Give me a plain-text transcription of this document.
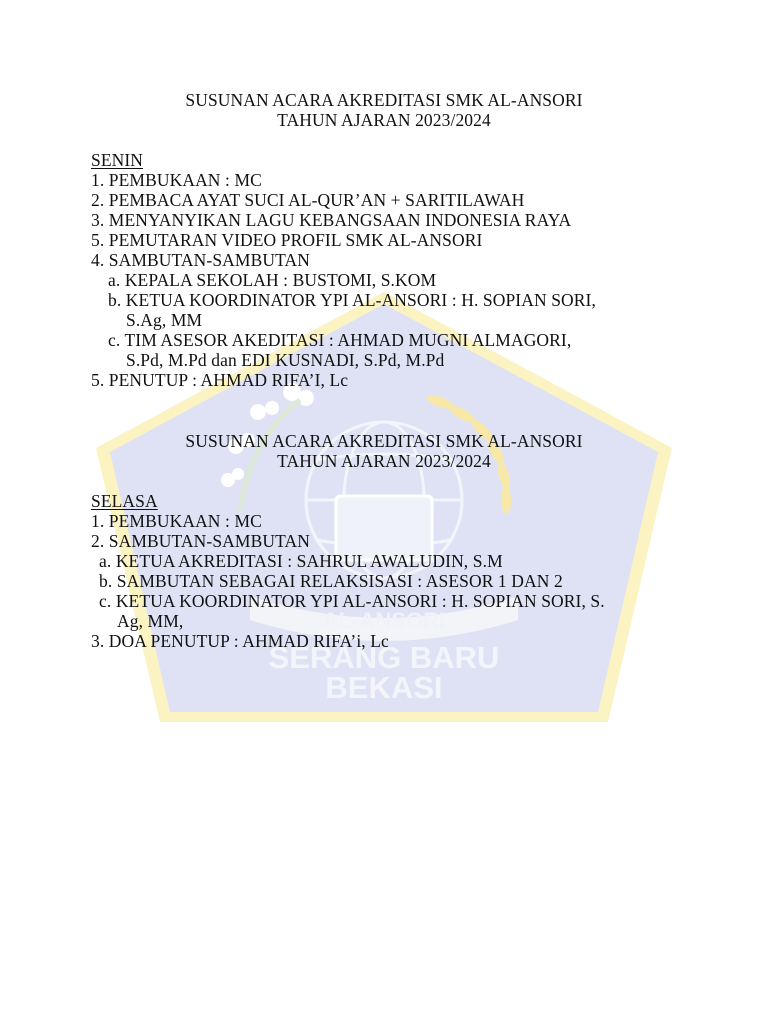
AL-ANSORI
SERANG BARU
BEKASI
SUSUNAN ACARA AKREDITASI SMK AL-ANSORI
TAHUN AJARAN 2023/2024
SENIN
1. PEMBUKAAN : MC
2. PEMBACA AYAT SUCI AL-QUR’AN + SARITILAWAH
3. MENYANYIKAN LAGU KEBANGSAAN INDONESIA RAYA
5. PEMUTARAN VIDEO PROFIL SMK AL-ANSORI
4. SAMBUTAN-SAMBUTAN
a. KEPALA SEKOLAH : BUSTOMI, S.KOM
b. KETUA KOORDINATOR YPI AL-ANSORI : H. SOPIAN SORI,
S.Ag, MM
c. TIM ASESOR AKEDITASI : AHMAD MUGNI ALMAGORI,
S.Pd, M.Pd dan EDI KUSNADI, S.Pd, M.Pd
5. PENUTUP : AHMAD RIFA’I, Lc
SUSUNAN ACARA AKREDITASI SMK AL-ANSORI
TAHUN AJARAN 2023/2024
SELASA
1. PEMBUKAAN : MC
2. SAMBUTAN-SAMBUTAN
a. KETUA AKREDITASI : SAHRUL AWALUDIN, S.M
b. SAMBUTAN SEBAGAI RELAKSISASI : ASESOR 1 DAN 2
c. KETUA KOORDINATOR YPI AL-ANSORI : H. SOPIAN SORI, S.
Ag, MM,
3. DOA PENUTUP : AHMAD RIFA’i, Lc
